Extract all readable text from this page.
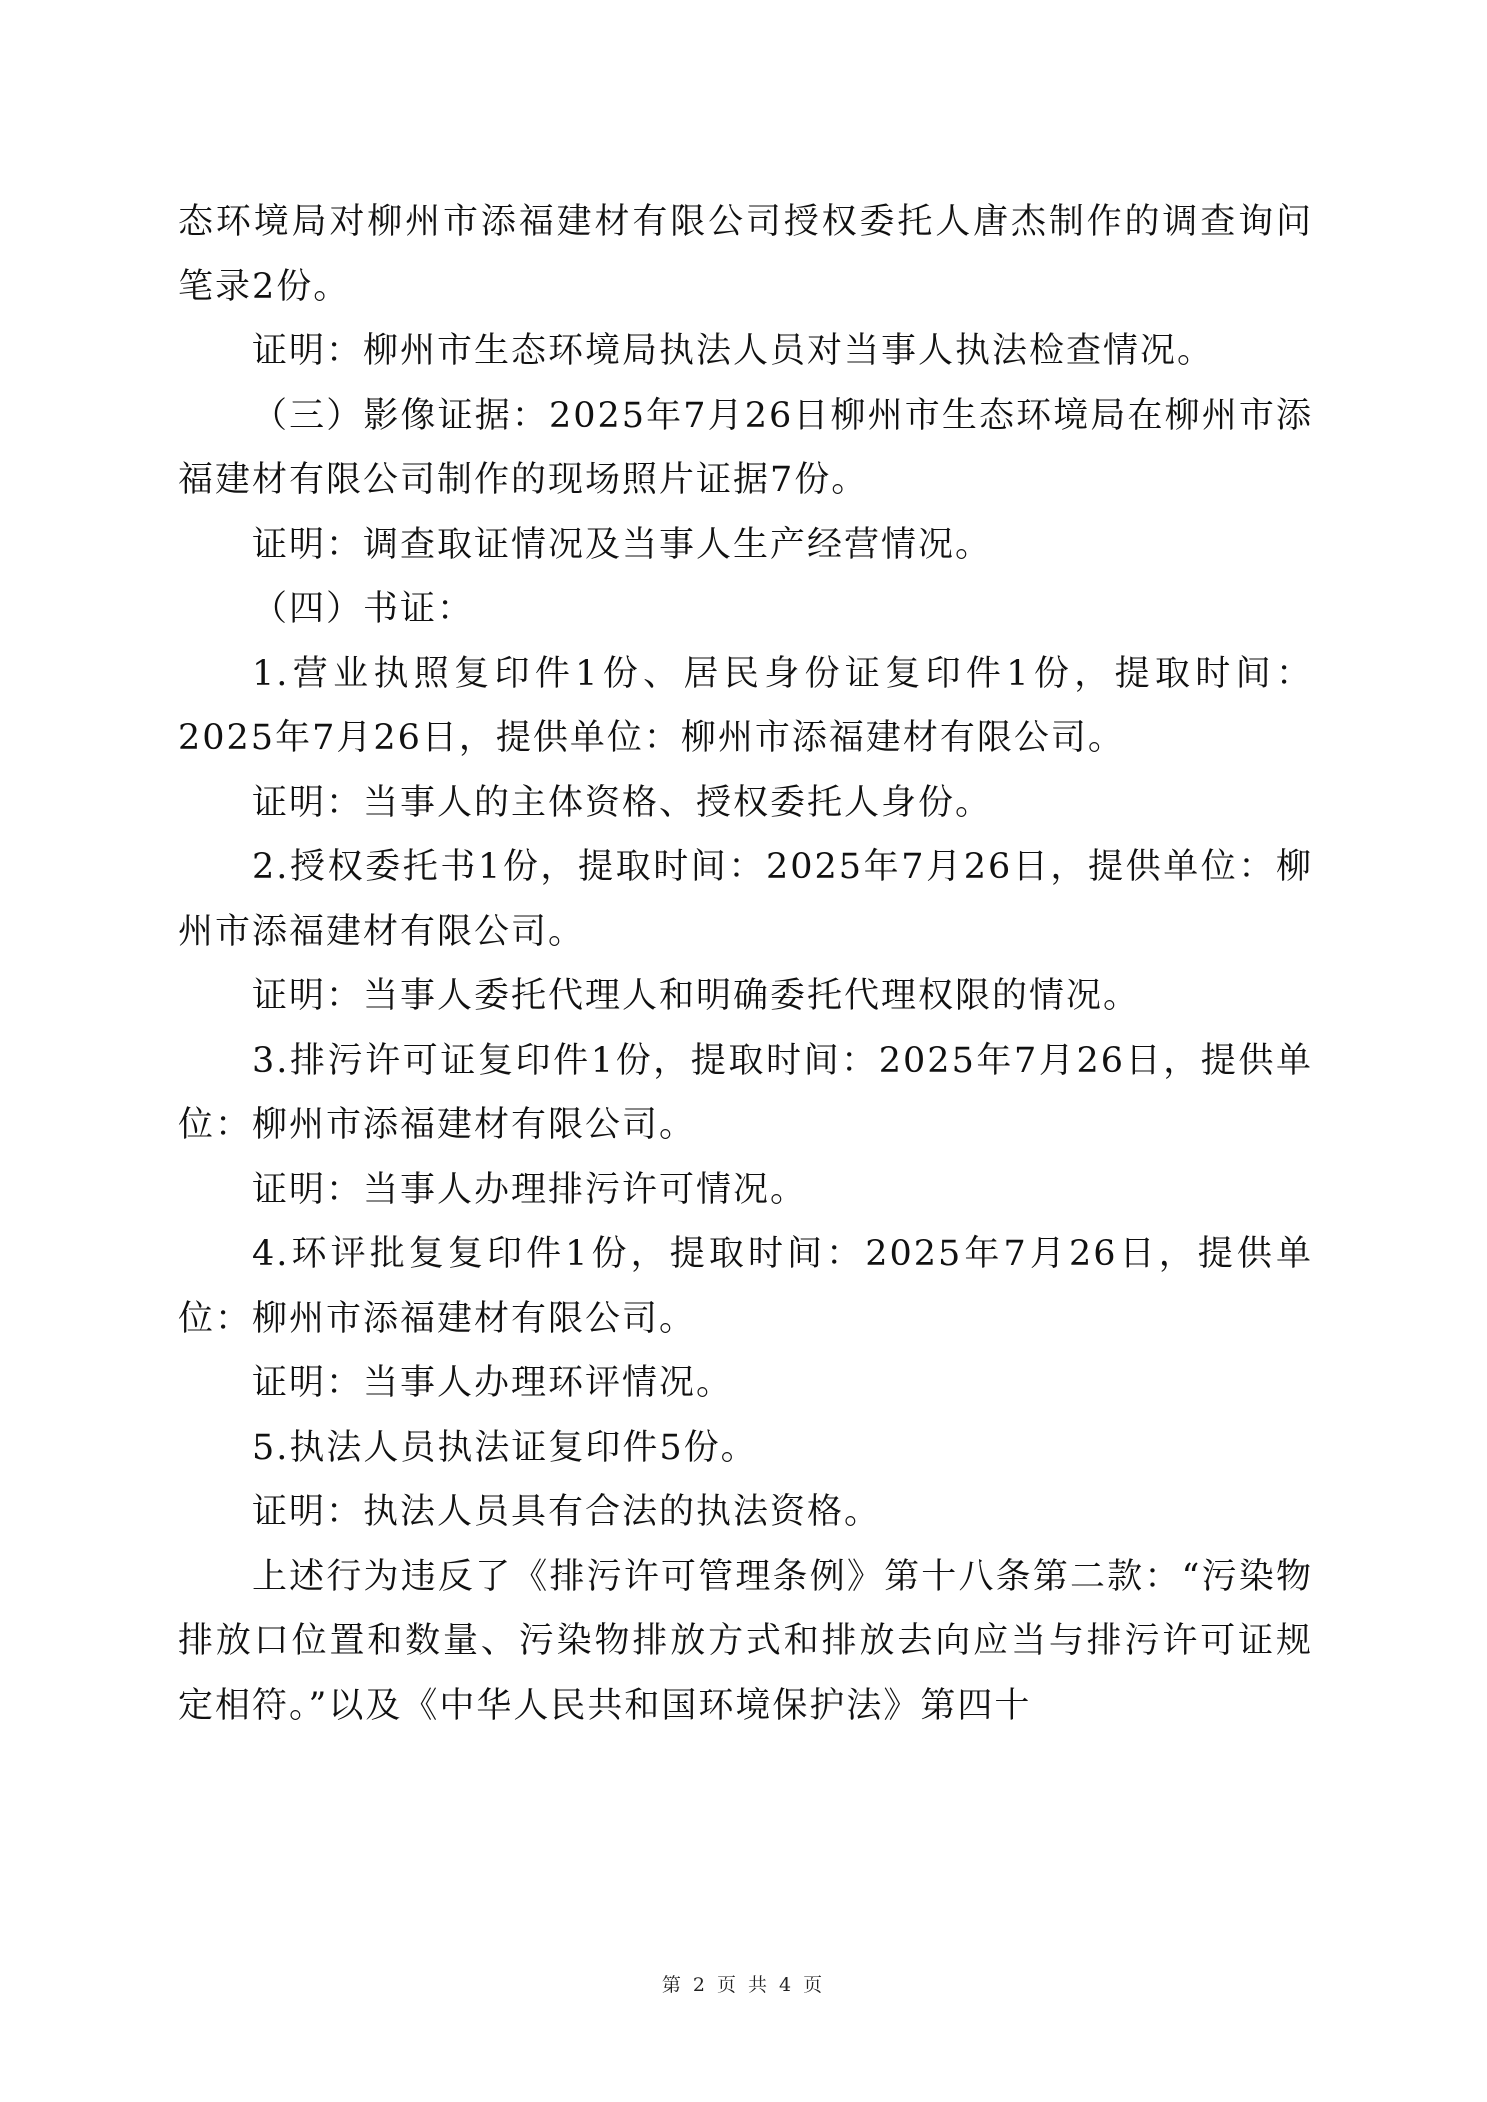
态环境局对柳州市添福建材有限公司授权委托人唐杰制作的调查询问笔录2份。

证明：柳州市生态环境局执法人员对当事人执法检查情况。

（三）影像证据：2025年7月26日柳州市生态环境局在柳州市添福建材有限公司制作的现场照片证据7份。

证明：调查取证情况及当事人生产经营情况。

（四）书证：

1.营业执照复印件1份、居民身份证复印件1份，提取时间：2025年7月26日，提供单位：柳州市添福建材有限公司。

证明：当事人的主体资格、授权委托人身份。

2.授权委托书1份，提取时间：2025年7月26日，提供单位：柳州市添福建材有限公司。

证明：当事人委托代理人和明确委托代理权限的情况。

3.排污许可证复印件1份，提取时间：2025年7月26日，提供单位：柳州市添福建材有限公司。

证明：当事人办理排污许可情况。

4.环评批复复印件1份，提取时间：2025年7月26日，提供单位：柳州市添福建材有限公司。

证明：当事人办理环评情况。

5.执法人员执法证复印件5份。

证明：执法人员具有合法的执法资格。

上述行为违反了《排污许可管理条例》第十八条第二款：“污染物排放口位置和数量、污染物排放方式和排放去向应当与排污许可证规定相符。”以及《中华人民共和国环境保护法》第四十

第 2 页 共 4 页
